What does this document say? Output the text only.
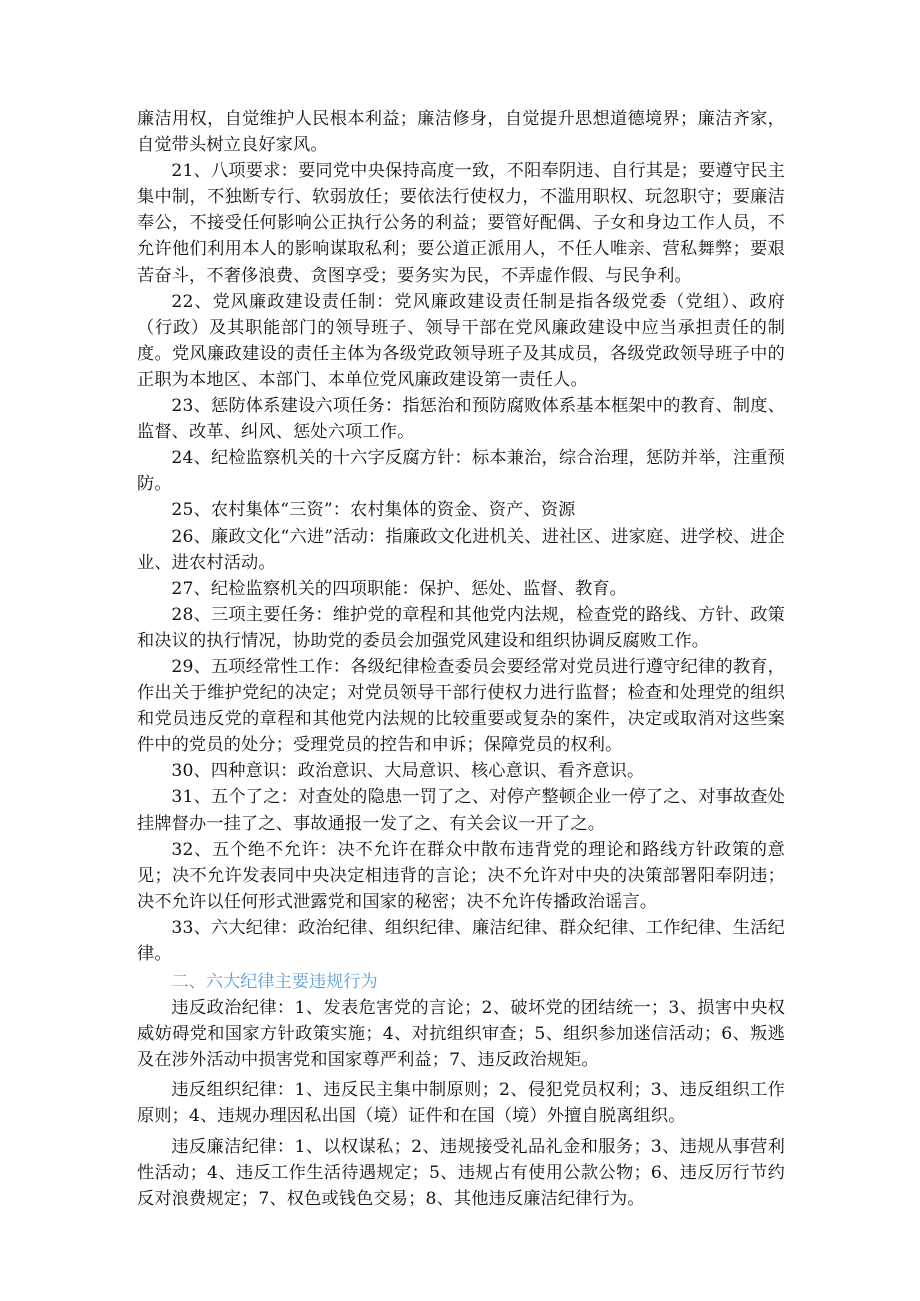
廉洁用权，自觉维护人民根本利益；廉洁修身，自觉提升思想道德境界；廉洁齐家，自觉带头树立良好家风。

21、八项要求：要同党中央保持高度一致，不阳奉阴违、自行其是；要遵守民主集中制，不独断专行、软弱放任；要依法行使权力，不滥用职权、玩忽职守；要廉洁奉公，不接受任何影响公正执行公务的利益；要管好配偶、子女和身边工作人员，不允许他们利用本人的影响谋取私利；要公道正派用人，不任人唯亲、营私舞弊；要艰苦奋斗，不奢侈浪费、贪图享受；要务实为民，不弄虚作假、与民争利。

22、党风廉政建设责任制：党风廉政建设责任制是指各级党委（党组）、政府（行政）及其职能部门的领导班子、领导干部在党风廉政建设中应当承担责任的制度。党风廉政建设的责任主体为各级党政领导班子及其成员，各级党政领导班子中的正职为本地区、本部门、本单位党风廉政建设第一责任人。

23、惩防体系建设六项任务：指惩治和预防腐败体系基本框架中的教育、制度、监督、改革、纠风、惩处六项工作。

24、纪检监察机关的十六字反腐方针：标本兼治，综合治理，惩防并举，注重预防。

25、农村集体“三资”：农村集体的资金、资产、资源

26、廉政文化“六进”活动：指廉政文化进机关、进社区、进家庭、进学校、进企业、进农村活动。

27、纪检监察机关的四项职能：保护、惩处、监督、教育。

28、三项主要任务：维护党的章程和其他党内法规，检查党的路线、方针、政策和决议的执行情况，协助党的委员会加强党风建设和组织协调反腐败工作。

29、五项经常性工作：各级纪律检查委员会要经常对党员进行遵守纪律的教育，作出关于维护党纪的决定；对党员领导干部行使权力进行监督；检查和处理党的组织和党员违反党的章程和其他党内法规的比较重要或复杂的案件，决定或取消对这些案件中的党员的处分；受理党员的控告和申诉；保障党员的权利。

30、四种意识：政治意识、大局意识、核心意识、看齐意识。

31、五个了之：对查处的隐患一罚了之、对停产整顿企业一停了之、对事故查处挂牌督办一挂了之、事故通报一发了之、有关会议一开了之。

32、五个绝不允许：决不允许在群众中散布违背党的理论和路线方针政策的意见；决不允许发表同中央决定相违背的言论；决不允许对中央的决策部署阳奉阴违；决不允许以任何形式泄露党和国家的秘密；决不允许传播政治谣言。

33、六大纪律：政治纪律、组织纪律、廉洁纪律、群众纪律、工作纪律、生活纪律。

二、六大纪律主要违规行为

违反政治纪律：1、发表危害党的言论；2、破坏党的团结统一；3、损害中央权威妨碍党和国家方针政策实施；4、对抗组织审查；5、组织参加迷信活动；6、叛逃及在涉外活动中损害党和国家尊严利益；7、违反政治规矩。

违反组织纪律：1、违反民主集中制原则；2、侵犯党员权利；3、违反组织工作原则；4、违规办理因私出国（境）证件和在国（境）外擅自脱离组织。

违反廉洁纪律：1、以权谋私；2、违规接受礼品礼金和服务；3、违规从事营利性活动；4、违反工作生活待遇规定；5、违规占有使用公款公物；6、违反厉行节约反对浪费规定；7、权色或钱色交易；8、其他违反廉洁纪律行为。
